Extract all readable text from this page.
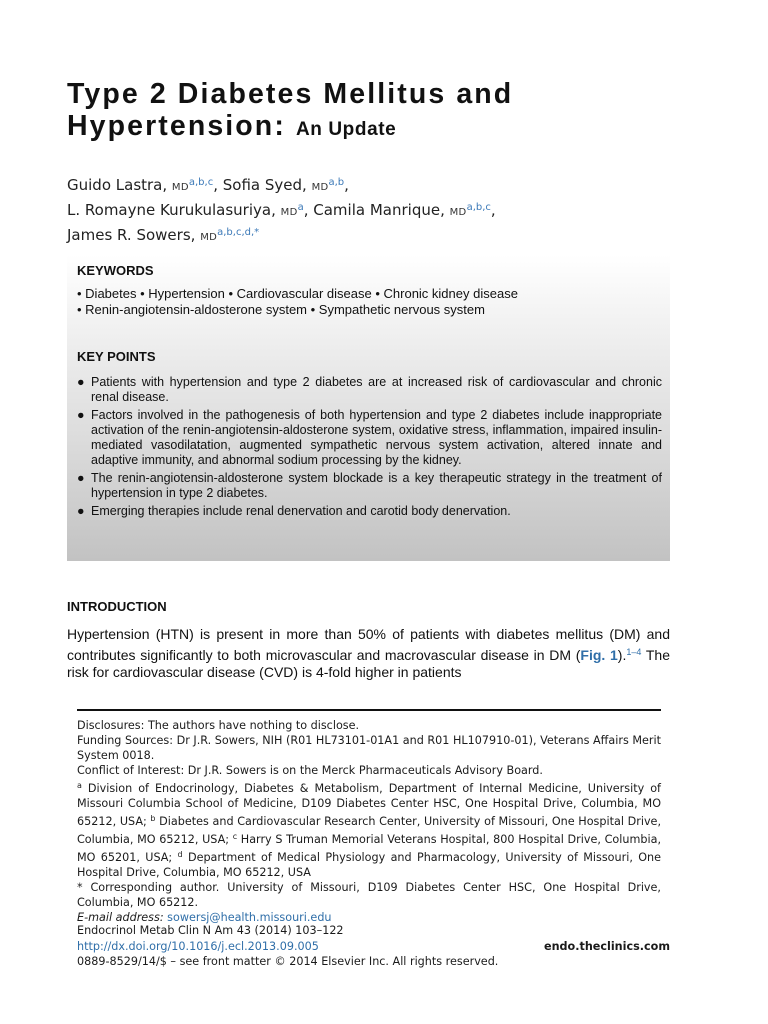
Type 2 Diabetes Mellitus and
Hypertension: An Update
Guido Lastra, MD$^{a,b,c}$, Sofia Syed, MD$^{a,b}$,
L. Romayne Kurukulasuriya, $MD^a$, Camila Manrique, MD$^{a,b,c}$,
James R. Sowers, $MD^{a,b,c,d,*}$
KEYWORDS
• Diabetes • Hypertension • Cardiovascular disease • Chronic kidney disease
• Renin-angiotensin-aldosterone system • Sympathetic nervous system
KEY POINTS
● Patients with hypertension and type 2 diabetes are at increased risk of cardiovascular and chronic renal disease.
● Factors involved in the pathogenesis of both hypertension and type 2 diabetes include inappropriate activation of the renin-angiotensin-aldosterone system, oxidative stress, inflammation, impaired insulin-mediated vasodilatation, augmented sympathetic nervous system activation, altered innate and adaptive immunity, and abnormal sodium processing by the kidney.
● The renin-angiotensin-aldosterone system blockade is a key therapeutic strategy in the treatment of hypertension in type 2 diabetes.
● Emerging therapies include renal denervation and carotid body denervation.
INTRODUCTION
Hypertension (HTN) is present in more than 50% of patients with diabetes mellitus (DM) and contributes significantly to both microvascular and macrovascular disease in DM (Fig. 1).$^{1-4}$ The risk for cardiovascular disease (CVD) is 4-fold higher in patients

Disclosures: The authors have nothing to disclose.

Funding Sources: Dr J.R. Sowers, NIH (R01 HL73101-01A1 and R01 HL107910-01), Veterans Affairs Merit System 0018.

Conflict of Interest: Dr J.R. Sowers is on the Merck Pharmaceuticals Advisory Board.

$^a$ Division of Endocrinology, Diabetes & Metabolism, Department of Internal Medicine, University of Missouri Columbia School of Medicine, D109 Diabetes Center HSC, One Hospital Drive, Columbia, MO 65212, USA; $^b$ Diabetes and Cardiovascular Research Center, University of Missouri, One Hospital Drive, Columbia, MO 65212, USA; $^c$ Harry S Truman Memorial Veterans Hospital, 800 Hospital Drive, Columbia, MO 65201, USA; $^d$ Department of Medical Physiology and Pharmacology, University of Missouri, One Hospital Drive, Columbia, MO 65212, USA

* Corresponding author. University of Missouri, D109 Diabetes Center HSC, One Hospital Drive, Columbia, MO 65212.

E-mail address: sowersj@health.missouri.edu

Endocrinol Metab Clin N Am 43 (2014) 103–122
http://dx.doi.org/10.1016/j.ecl.2013.09.005	endo.theclinics.com
0889-8529/14/$ – see front matter © 2014 Elsevier Inc. All rights reserved.
